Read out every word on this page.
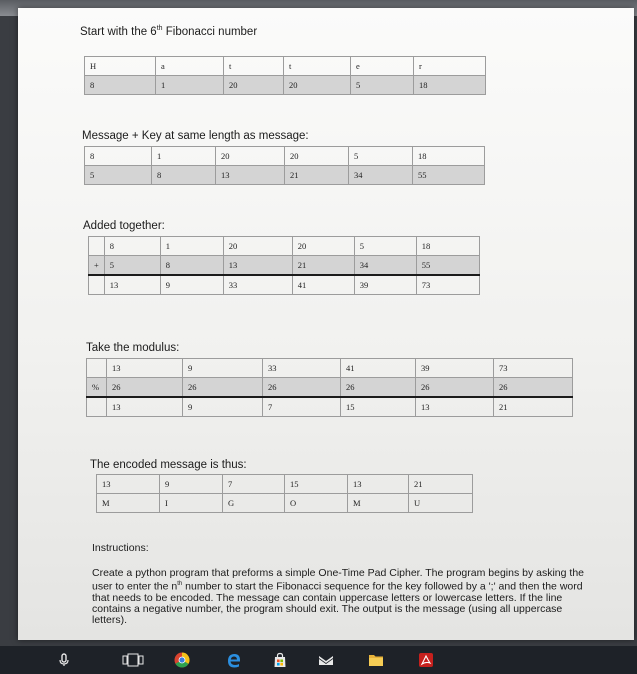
Start with the 6th Fibonacci number
H	a	t	t	e	r
8	1	20	20	5	18
Message + Key at same length as message:
8	1	20	20	5	18
5	8	13	21	34	55
Added together:
	8	1	20	20	5	18
+	5	8	13	21	34	55
	13	9	33	41	39	73
Take the modulus:
	13	9	33	41	39	73
%	26	26	26	26	26	26
	13	9	7	15	13	21
The encoded message is thus:
13	9	7	15	13	21
M	I	G	O	M	U
Instructions:
Create a python program that preforms a simple One-Time Pad Cipher. The program begins by asking the user to enter the $n^{th}$ number to start the Fibonacci sequence for the key followed by a ';' and then the word that needs to be encoded. The message can contain uppercase letters or lowercase letters. If the line contains a negative number, the program should exit. The output is the message (using all uppercase letters).
